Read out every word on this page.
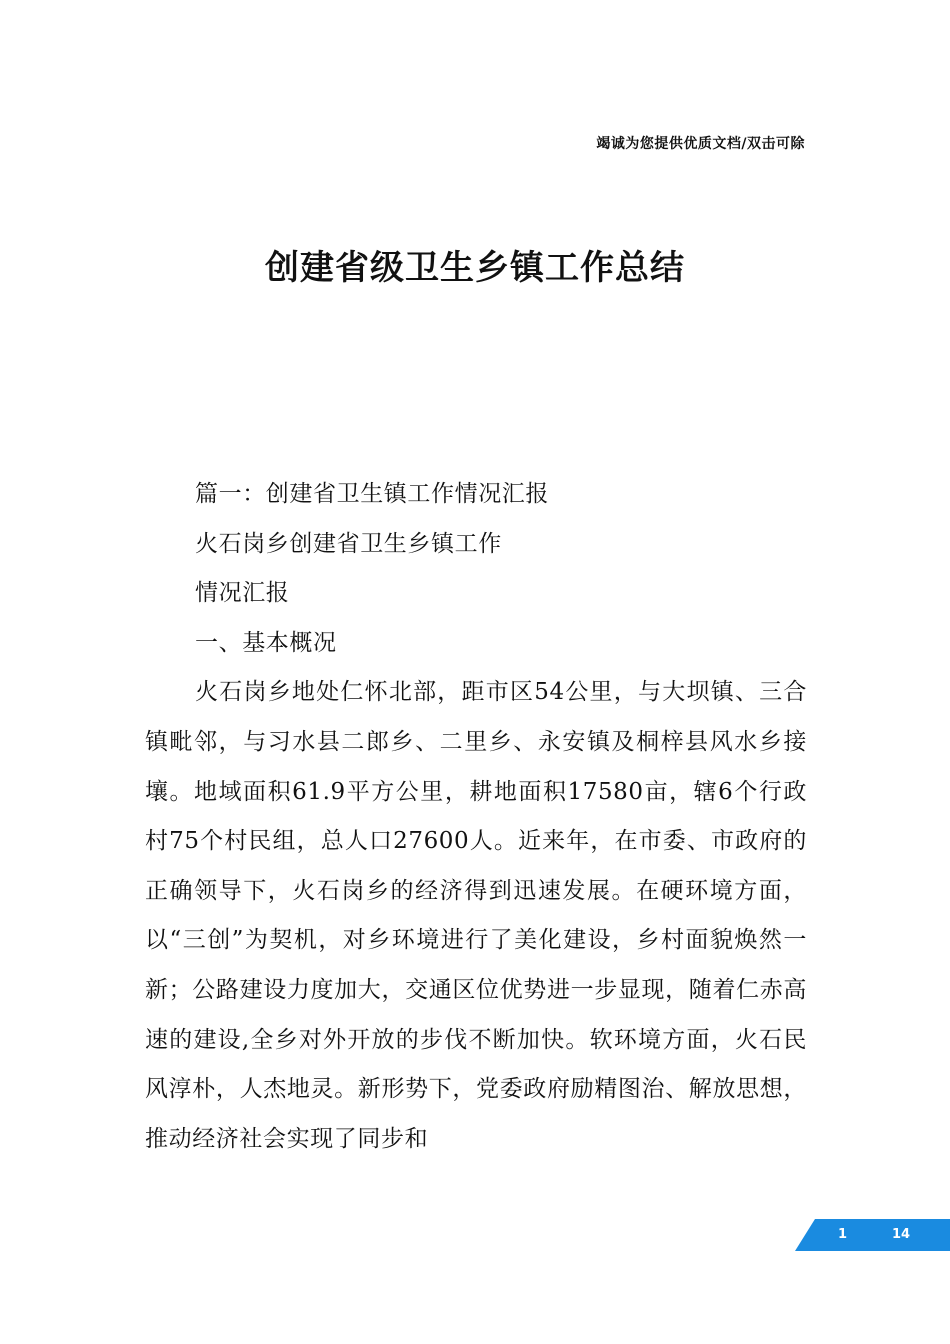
竭诚为您提供优质文档/双击可除
创建省级卫生乡镇工作总结

篇一：创建省卫生镇工作情况汇报

火石岗乡创建省卫生乡镇工作

情况汇报

一、基本概况

火石岗乡地处仁怀北部，距市区54公里，与大坝镇、三合镇毗邻，与习水县二郎乡、二里乡、永安镇及桐梓县风水乡接壤。地域面积61.9平方公里，耕地面积17580亩，辖6个行政村75个村民组，总人口27600人。近来年，在市委、市政府的正确领导下，火石岗乡的经济得到迅速发展。在硬环境方面，以“三创”为契机，对乡环境进行了美化建设，乡村面貌焕然一新；公路建设力度加大，交通区位优势进一步显现，随着仁赤高速的建设,全乡对外开放的步伐不断加快。软环境方面，火石民风淳朴，人杰地灵。新形势下，党委政府励精图治、解放思想，推动经济社会实现了同步和

1	14
